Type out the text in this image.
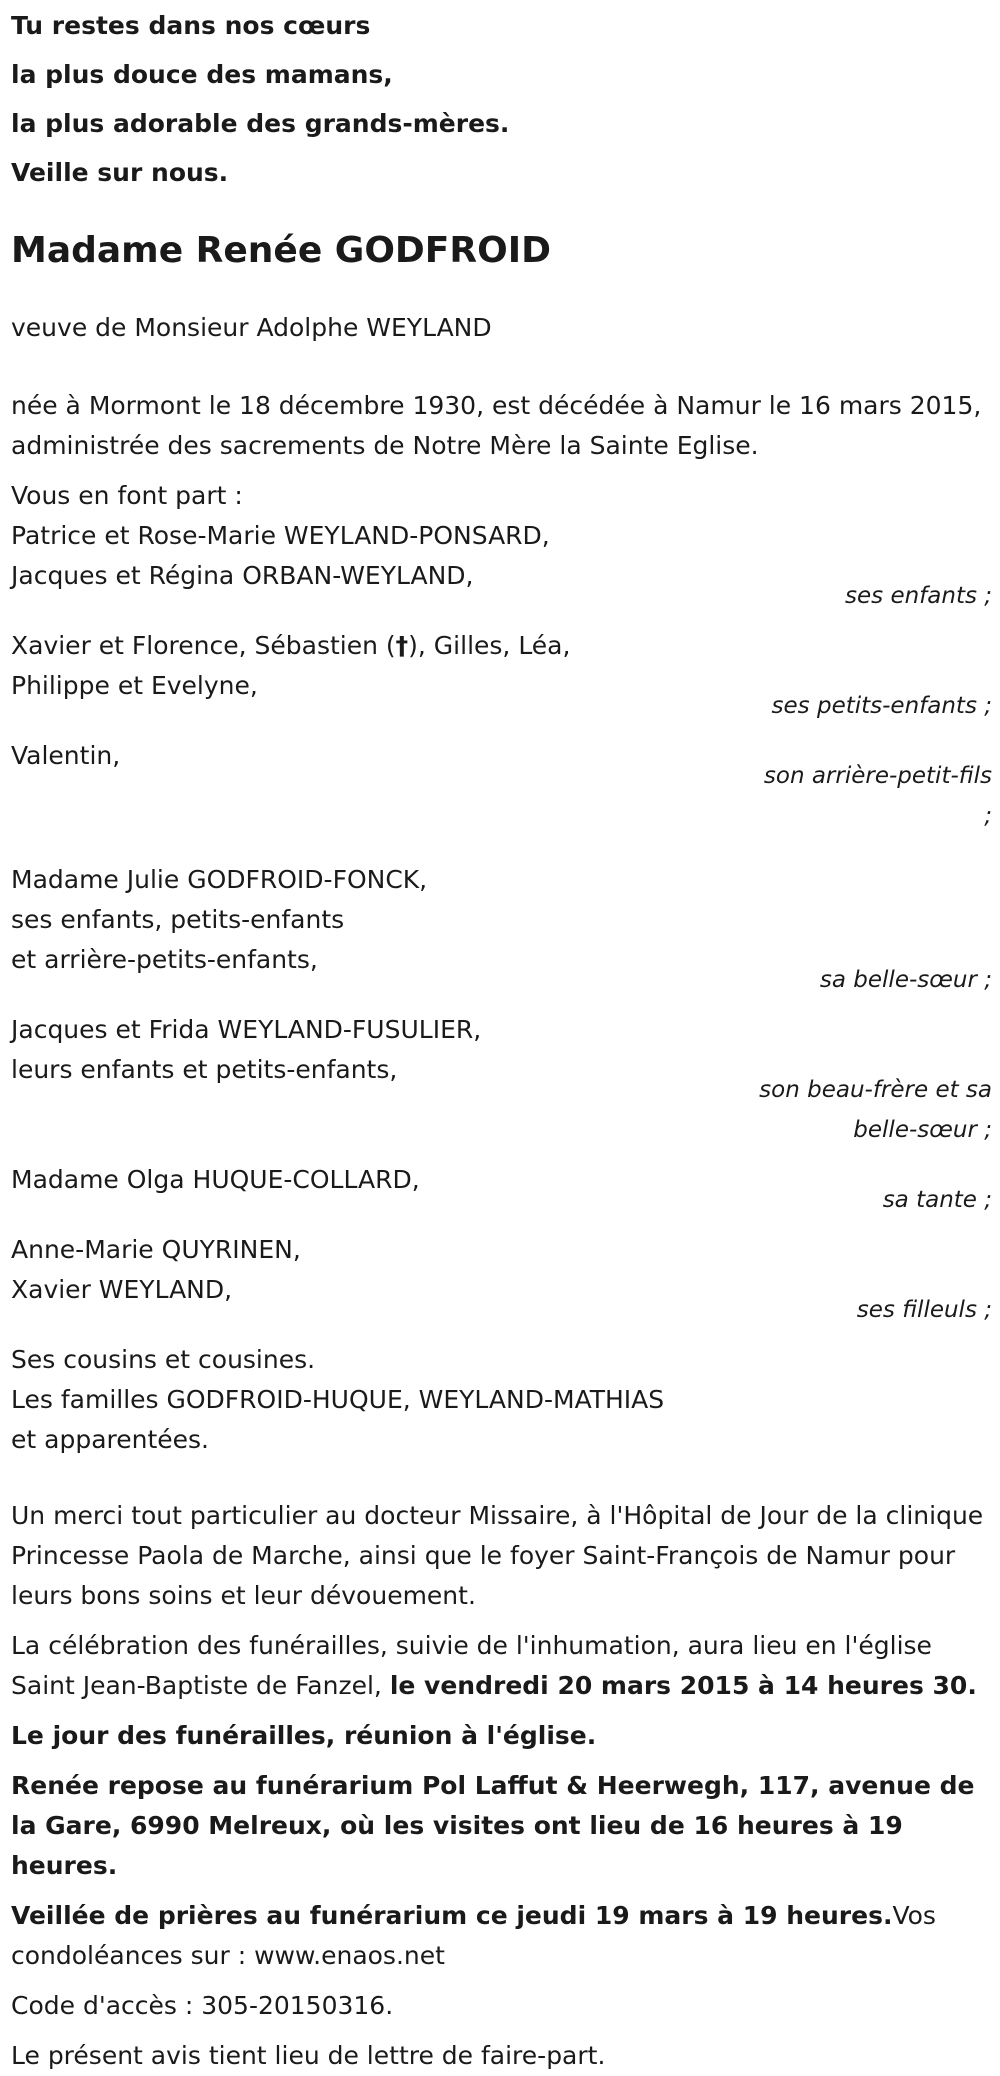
Tu restes dans nos cœurs
la plus douce des mamans,
la plus adorable des grands-mères.
Veille sur nous.
Madame Renée GODFROID
veuve de Monsieur Adolphe WEYLAND
née à Mormont le 18 décembre 1930, est décédée à Namur le 16 mars 2015, administrée des sacrements de Notre Mère la Sainte Eglise.
Vous en font part :
Patrice et Rose-Marie WEYLAND-PONSARD,
Jacques et Régina ORBAN-WEYLAND,
ses enfants ;
Xavier et Florence, Sébastien (†), Gilles, Léa,
Philippe et Evelyne,
ses petits-enfants ;
Valentin,
son arrière-petit-fils
;
Madame Julie GODFROID-FONCK,
ses enfants, petits-enfants
et arrière-petits-enfants,
sa belle-sœur ;
Jacques et Frida WEYLAND-FUSULIER,
leurs enfants et petits-enfants,
son beau-frère et sa
belle-sœur ;
Madame Olga HUQUE-COLLARD,
sa tante ;
Anne-Marie QUYRINEN,
Xavier WEYLAND,
ses filleuls ;
Ses cousins et cousines.
Les familles GODFROID-HUQUE, WEYLAND-MATHIAS
et apparentées.
Un merci tout particulier au docteur Missaire, à l'Hôpital de Jour de la clinique Princesse Paola de Marche, ainsi que le foyer Saint-François de Namur pour leurs bons soins et leur dévouement.
La célébration des funérailles, suivie de l'inhumation, aura lieu en l'église Saint Jean-Baptiste de Fanzel, le vendredi 20 mars 2015 à 14 heures 30.
Le jour des funérailles, réunion à l'église.
Renée repose au funérarium Pol Laffut & Heerwegh, 117, avenue de la Gare, 6990 Melreux, où les visites ont lieu de 16 heures à 19 heures.
Veillée de prières au funérarium ce jeudi 19 mars à 19 heures.Vos condoléances sur : www.enaos.net
Code d'accès : 305-20150316.
Le présent avis tient lieu de lettre de faire-part.
